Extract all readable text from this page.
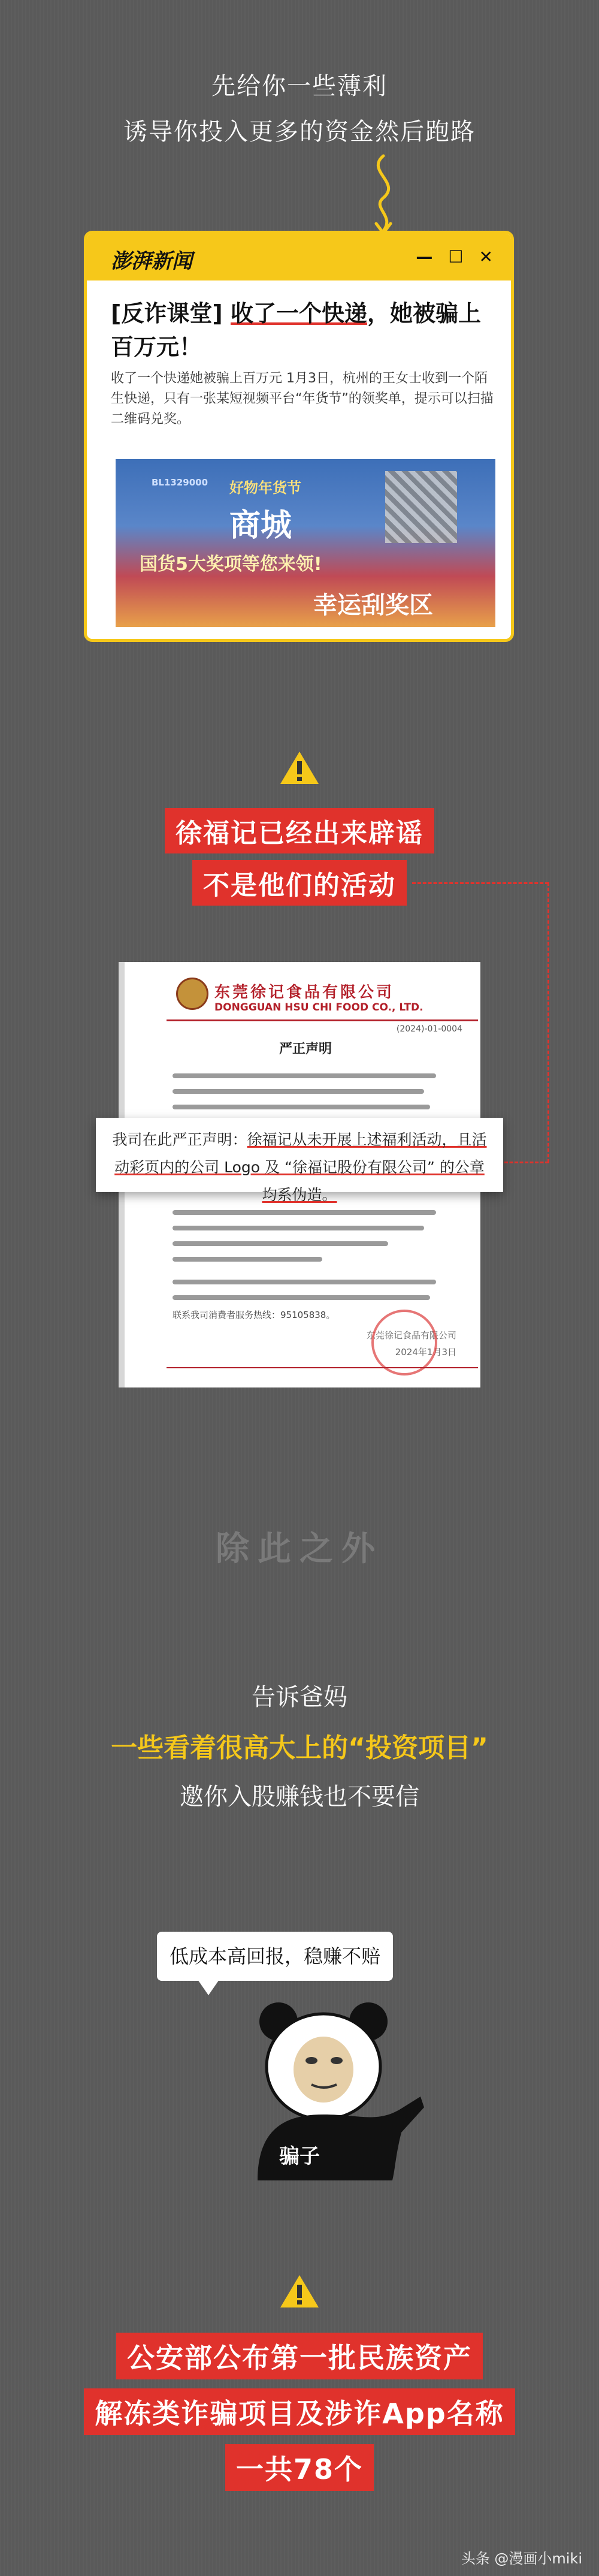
先给你一些薄利
诱导你投入更多的资金然后跑路
澎湃新闻	— ☐ ✕
[反诈课堂] 收了一个快递，她被骗上百万元！
收了一个快递她被骗上百万元 1月3日，杭州的王女士收到一个陌生快递，只有一张某短视频平台“年货节”的领奖单，提示可以扫描二维码兑奖。
BL1329000 好物年货节
商城
国货5大奖项等您来领!
幸运刮奖区
徐福记已经出来辟谣
不是他们的活动
东莞徐记食品有限公司
DONGGUAN HSU CHI FOOD CO., LTD.
(2024)-01-0004
严正声明
联系我司消费者服务热线：95105838。
东莞徐记食品有限公司
2024年1月3日
我司在此严正声明：徐福记从未开展上述福利活动，且活动彩页内的公司 Logo 及 “徐福记股份有限公司” 的公章均系伪造。
除此之外
告诉爸妈
一些看着很高大上的“投资项目”
邀你入股赚钱也不要信
低成本高回报，稳赚不赔
骗子
公安部公布第一批民族资产
解冻类诈骗项目及涉诈App名称
一共78个
头条 @漫画小miki
